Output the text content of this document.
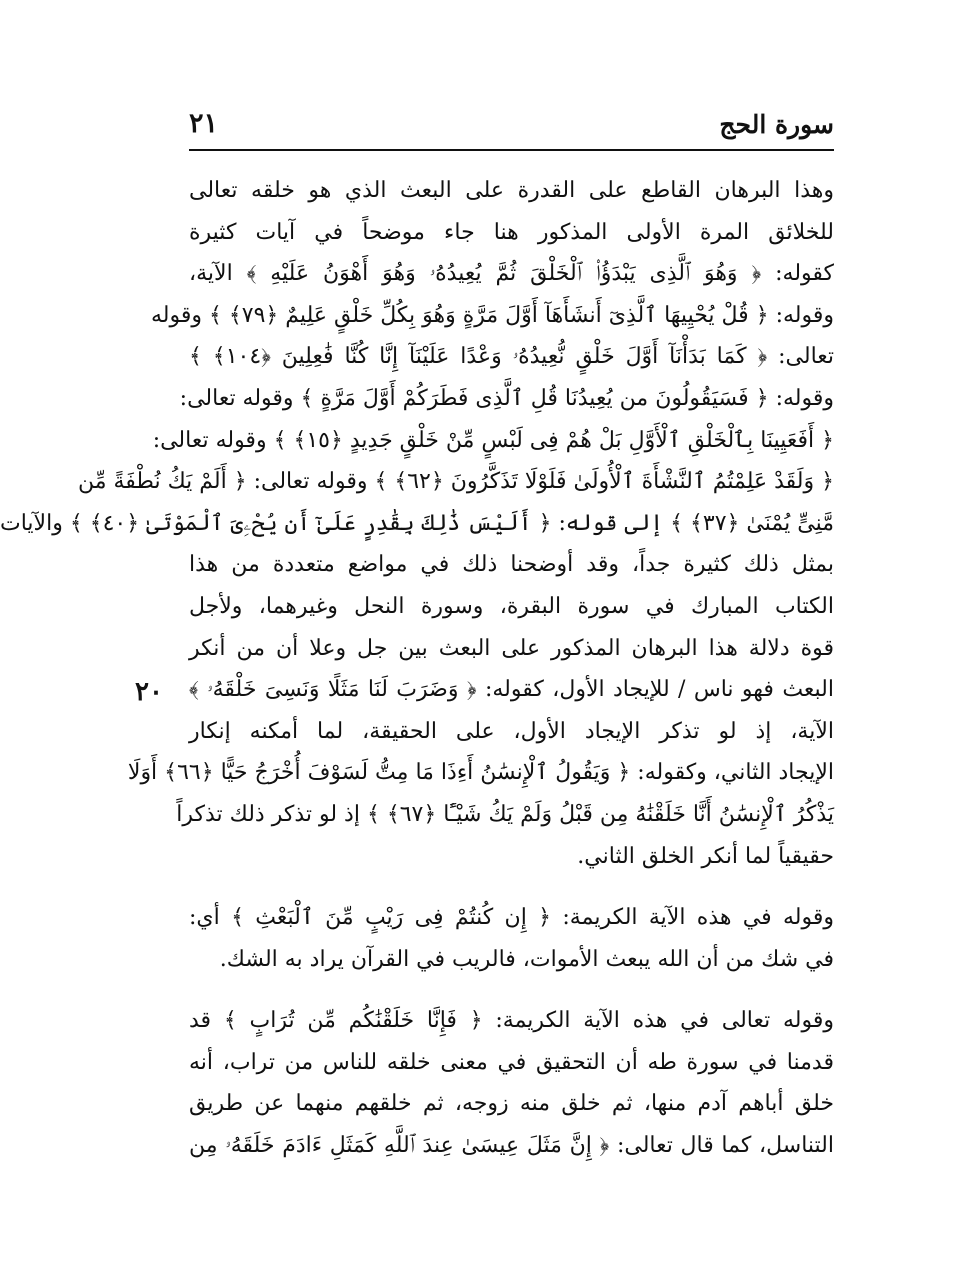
سورة الحج
٢١
٢٠
وهذا البرهان القاطع على القدرة على البعث الذي هو خلقه تعالى
للخلائق المرة الأولى المذكور هنا جاء موضحاً في آيات كثيرة
كقوله: ﴿ وَهُوَ ٱلَّذِى يَبْدَؤُا۟ ٱلْخَلْقَ ثُمَّ يُعِيدُهُۥ وَهُوَ أَهْوَنُ عَلَيْهِ ﴾ الآية،
وقوله: ﴿ قُلْ يُحْيِيهَا ٱلَّذِىٓ أَنشَأَهَآ أَوَّلَ مَرَّةٍ وَهُوَ بِكُلِّ خَلْقٍ عَلِيمٌ ﴿٧٩﴾ ﴾ وقوله
تعالى: ﴿ كَمَا بَدَأْنَآ أَوَّلَ خَلْقٍ نُّعِيدُهُۥ وَعْدًا عَلَيْنَآ إِنَّا كُنَّا فَٰعِلِينَ ﴿١٠٤﴾ ﴾
وقوله: ﴿ فَسَيَقُولُونَ من يُعِيدُنَا قُلِ ٱلَّذِى فَطَرَكُمْ أَوَّلَ مَرَّةٍ ﴾ وقوله تعالى:
﴿ أَفَعَيِينَا بِٱلْخَلْقِ ٱلْأَوَّلِ بَلْ هُمْ فِى لَبْسٍ مِّنْ خَلْقٍ جَدِيدٍ ﴿١٥﴾ ﴾ وقوله تعالى:
﴿ وَلَقَدْ عَلِمْتُمُ ٱلنَّشْأَةَ ٱلْأُولَىٰ فَلَوْلَا تَذَكَّرُونَ ﴿٦٢﴾ ﴾ وقوله تعالى: ﴿ أَلَمْ يَكُ نُطْفَةً مِّن
مَّنِىٍّ يُمْنَىٰ ﴿٣٧﴾ ﴾ إلى قوله: ﴿ أَلَيْسَ ذَٰلِكَ بِقَٰدِرٍ عَلَىٰٓ أَن يُحْۦِىَ ٱلْمَوْتَىٰ ﴿٤٠﴾ ﴾ والآيات
بمثل ذلك كثيرة جداً، وقد أوضحنا ذلك في مواضع متعددة من هذا
الكتاب المبارك في سورة البقرة، وسورة النحل وغيرهما، ولأجل
قوة دلالة هذا البرهان المذكور على البعث بين جل وعلا أن من أنكر
البعث فهو ناس / للإيجاد الأول، كقوله: ﴿ وَضَرَبَ لَنَا مَثَلًا وَنَسِىَ خَلْقَهُۥ ﴾
الآية، إذ لو تذكر الإيجاد الأول، على الحقيقة، لما أمكنه إنكار
الإيجاد الثاني، وكقوله: ﴿ وَيَقُولُ ٱلْإِنسَٰنُ أَءِذَا مَا مِتُّ لَسَوْفَ أُخْرَجُ حَيًّا ﴿٦٦﴾ أَوَلَا
يَذْكُرُ ٱلْإِنسَٰنُ أَنَّا خَلَقْنَٰهُ مِن قَبْلُ وَلَمْ يَكُ شَيْـًٔا ﴿٦٧﴾ ﴾ إذ لو تذكر ذلك تذكراً
حقيقياً لما أنكر الخلق الثاني.
وقوله في هذه الآية الكريمة: ﴿ إِن كُنتُمْ فِى رَيْبٍ مِّنَ ٱلْبَعْثِ ﴾ أي:
في شك من أن الله يبعث الأموات، فالريب في القرآن يراد به الشك.
وقوله تعالى في هذه الآية الكريمة: ﴿ فَإِنَّا خَلَقْنَٰكُم مِّن تُرَابٍ ﴾ قد
قدمنا في سورة طه أن التحقيق في معنى خلقه للناس من تراب، أنه
خلق أباهم آدم منها، ثم خلق منه زوجه، ثم خلقهم منهما عن طريق
التناسل، كما قال تعالى: ﴿ إِنَّ مَثَلَ عِيسَىٰ عِندَ ٱللَّهِ كَمَثَلِ ءَادَمَ خَلَقَهُۥ مِن
